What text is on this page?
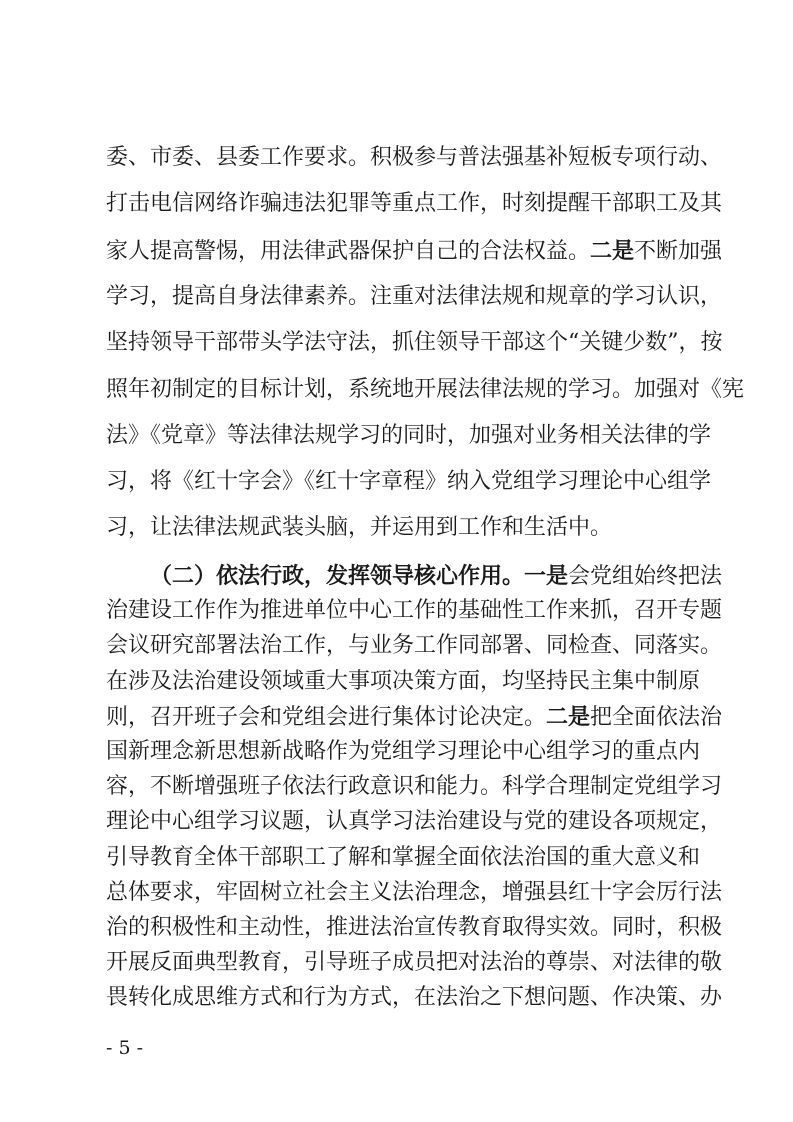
委、市委、县委工作要求。积极参与普法强基补短板专项行动、
打击电信网络诈骗违法犯罪等重点工作，时刻提醒干部职工及其
家人提高警惕，用法律武器保护自己的合法权益。二是不断加强
学习，提高自身法律素养。注重对法律法规和规章的学习认识，
坚持领导干部带头学法守法，抓住领导干部这个“关键少数”，按
照年初制定的目标计划，系统地开展法律法规的学习。加强对《宪
法》《党章》等法律法规学习的同时，加强对业务相关法律的学
习，将《红十字会》《红十字章程》纳入党组学习理论中心组学
习，让法律法规武装头脑，并运用到工作和生活中。
（二）依法行政，发挥领导核心作用。一是会党组始终把法
治建设工作作为推进单位中心工作的基础性工作来抓，召开专题
会议研究部署法治工作，与业务工作同部署、同检查、同落实。
在涉及法治建设领域重大事项决策方面，均坚持民主集中制原
则，召开班子会和党组会进行集体讨论决定。二是把全面依法治
国新理念新思想新战略作为党组学习理论中心组学习的重点内
容，不断增强班子依法行政意识和能力。科学合理制定党组学习
理论中心组学习议题，认真学习法治建设与党的建设各项规定，
引导教育全体干部职工了解和掌握全面依法治国的重大意义和
总体要求，牢固树立社会主义法治理念，增强县红十字会厉行法
治的积极性和主动性，推进法治宣传教育取得实效。同时，积极
开展反面典型教育，引导班子成员把对法治的尊崇、对法律的敬
畏转化成思维方式和行为方式，在法治之下想问题、作决策、办
- 5 -
